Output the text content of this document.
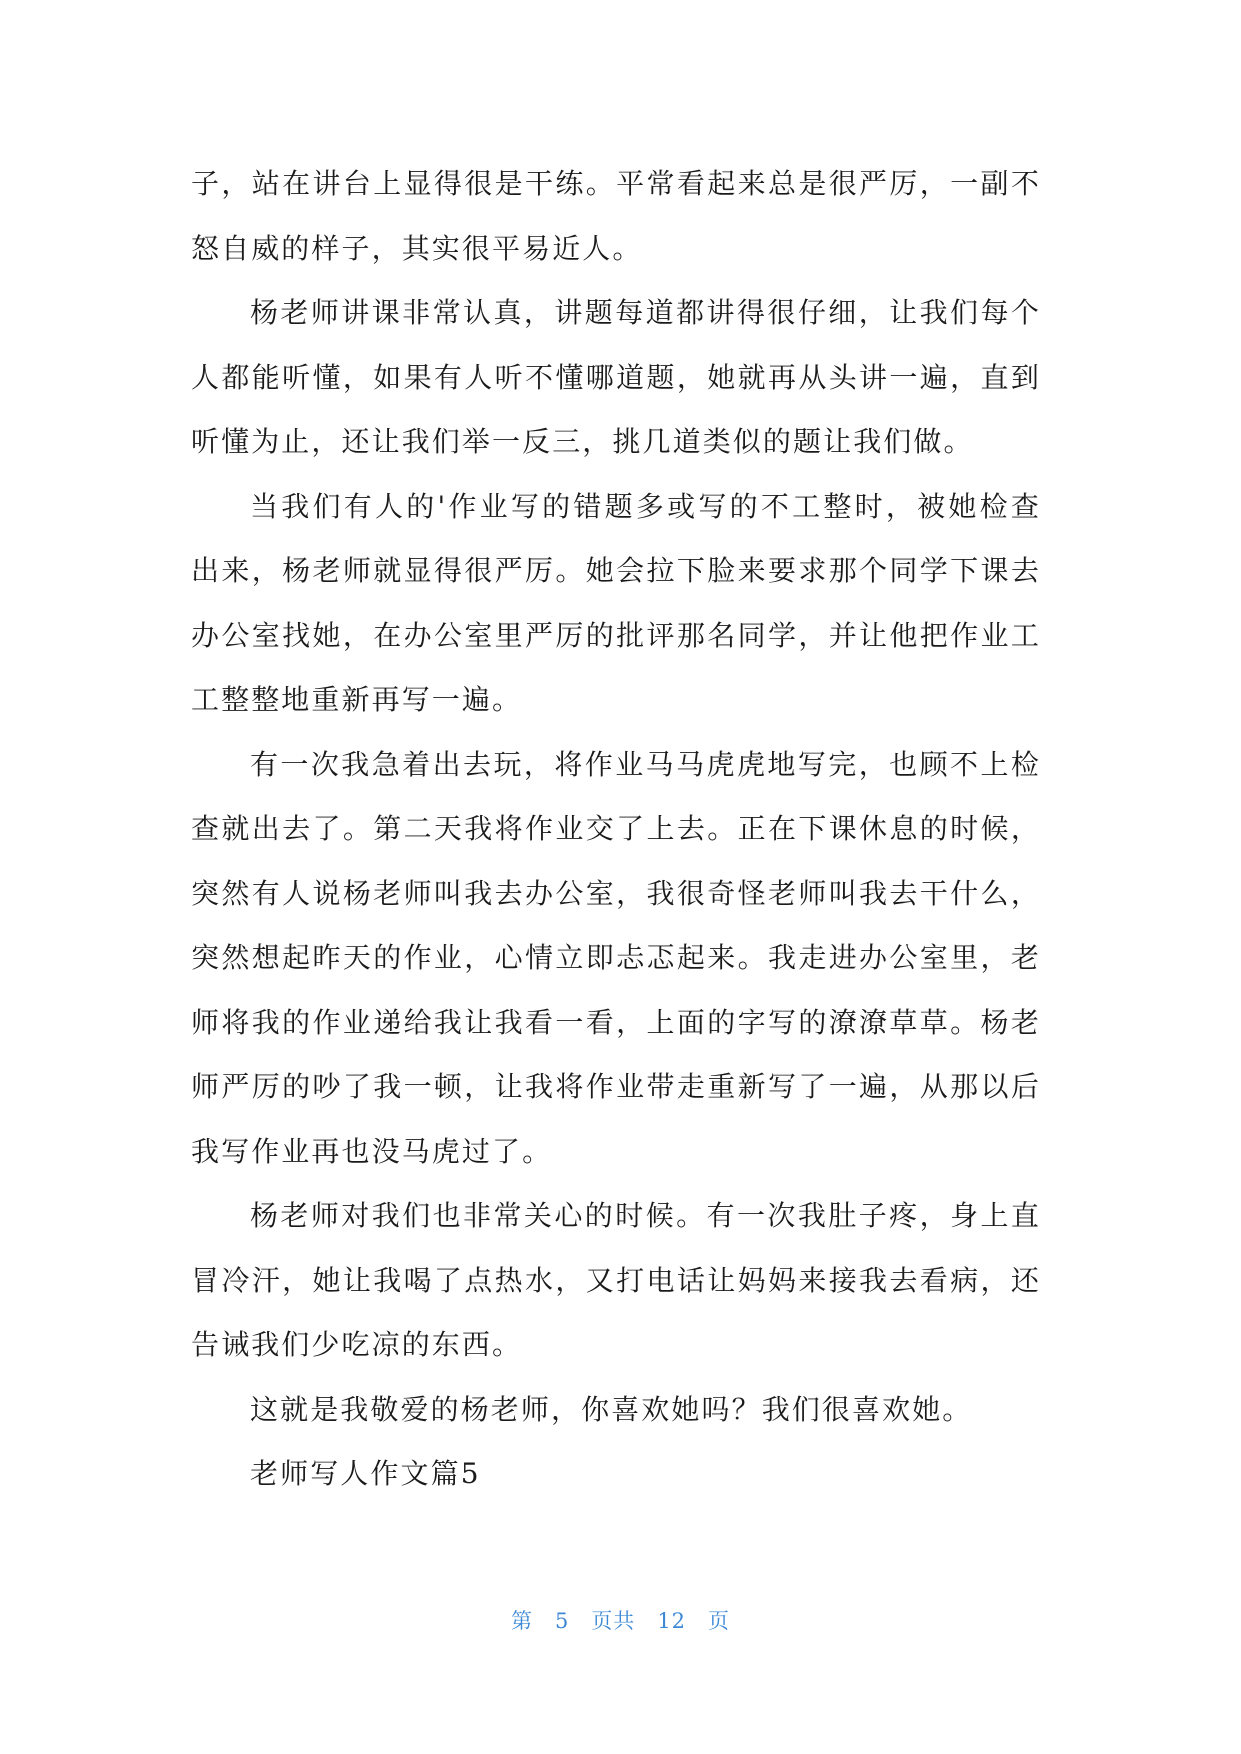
子，站在讲台上显得很是干练。平常看起来总是很严厉，一副不怒自威的样子，其实很平易近人。

杨老师讲课非常认真，讲题每道都讲得很仔细，让我们每个人都能听懂，如果有人听不懂哪道题，她就再从头讲一遍，直到听懂为止，还让我们举一反三，挑几道类似的题让我们做。

当我们有人的'作业写的错题多或写的不工整时，被她检查出来，杨老师就显得很严厉。她会拉下脸来要求那个同学下课去办公室找她，在办公室里严厉的批评那名同学，并让他把作业工工整整地重新再写一遍。

有一次我急着出去玩，将作业马马虎虎地写完，也顾不上检查就出去了。第二天我将作业交了上去。正在下课休息的时候，突然有人说杨老师叫我去办公室，我很奇怪老师叫我去干什么，突然想起昨天的作业，心情立即忐忑起来。我走进办公室里，老师将我的作业递给我让我看一看，上面的字写的潦潦草草。杨老师严厉的吵了我一顿，让我将作业带走重新写了一遍，从那以后我写作业再也没马虎过了。

杨老师对我们也非常关心的时候。有一次我肚子疼，身上直冒冷汗，她让我喝了点热水，又打电话让妈妈来接我去看病，还告诫我们少吃凉的东西。

这就是我敬爱的杨老师，你喜欢她吗？我们很喜欢她。

老师写人作文篇5

第 5 页共 12 页
